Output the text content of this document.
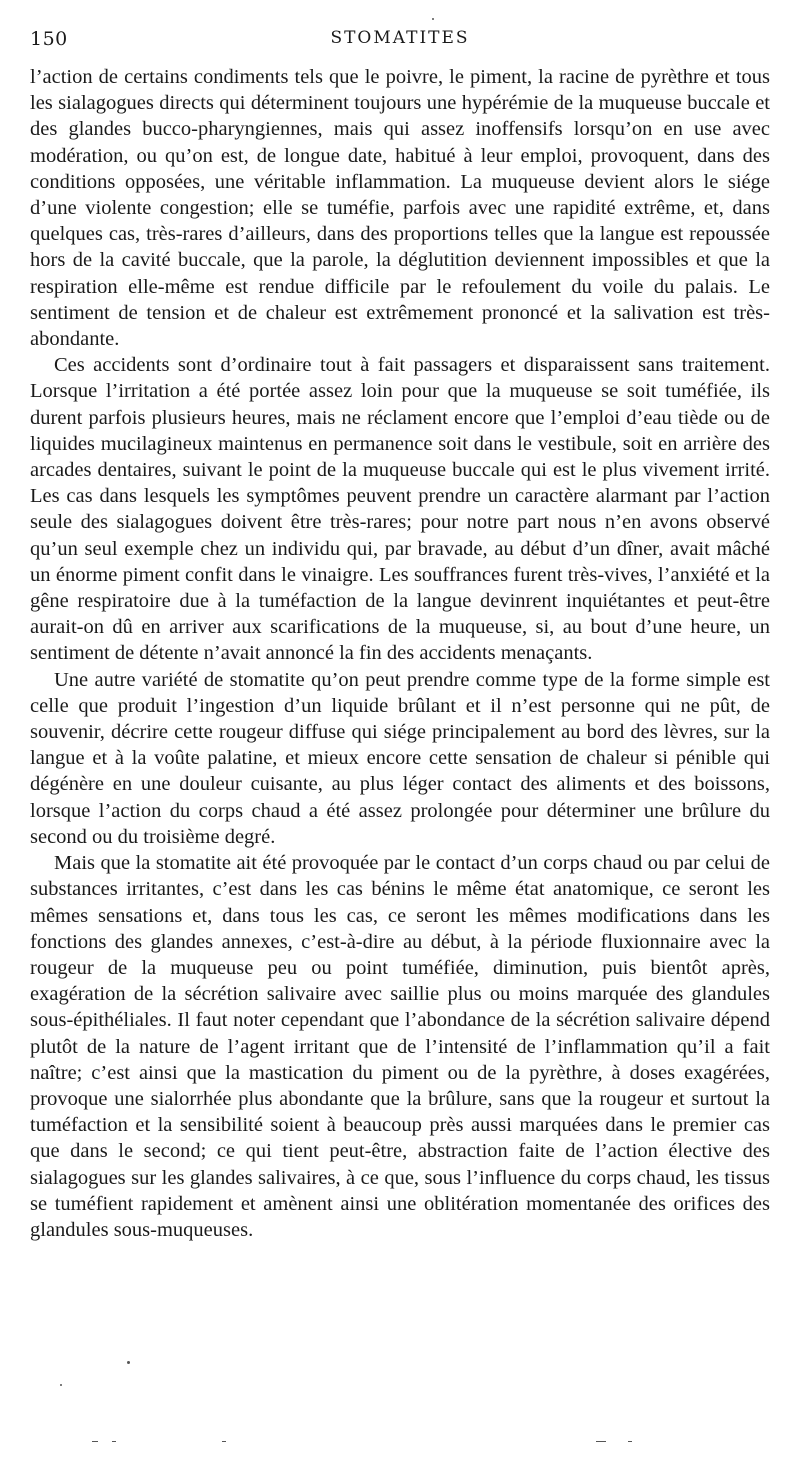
150	STOMATITES

l’action de certains condiments tels que le poivre, le piment, la racine de pyrèthre et tous les sialagogues directs qui déterminent toujours une hypérémie de la muqueuse buccale et des glandes bucco-pharyngiennes, mais qui assez inoffensifs lorsqu’on en use avec modération, ou qu’on est, de longue date, habitué à leur emploi, provoquent, dans des conditions opposées, une véritable inflammation. La muqueuse devient alors le siége d’une violente congestion; elle se tuméfie, parfois avec une rapidité extrême, et, dans quelques cas, très-rares d’ailleurs, dans des proportions telles que la langue est repoussée hors de la cavité buccale, que la parole, la déglutition deviennent impossibles et que la respiration elle-même est rendue difficile par le refoulement du voile du palais. Le sentiment de tension et de chaleur est extrêmement prononcé et la salivation est très-abondante.

Ces accidents sont d’ordinaire tout à fait passagers et disparaissent sans traitement. Lorsque l’irritation a été portée assez loin pour que la muqueuse se soit tuméfiée, ils durent parfois plusieurs heures, mais ne réclament encore que l’emploi d’eau tiède ou de liquides mucilagineux maintenus en permanence soit dans le vestibule, soit en arrière des arcades dentaires, suivant le point de la muqueuse buccale qui est le plus vivement irrité. Les cas dans lesquels les symptômes peuvent prendre un caractère alarmant par l’action seule des sialagogues doivent être très-rares; pour notre part nous n’en avons observé qu’un seul exemple chez un individu qui, par bravade, au début d’un dîner, avait mâché un énorme piment confit dans le vinaigre. Les souffrances furent très-vives, l’anxiété et la gêne respiratoire due à la tuméfaction de la langue devinrent inquiétantes et peut-être aurait-on dû en arriver aux scarifications de la muqueuse, si, au bout d’une heure, un sentiment de détente n’avait annoncé la fin des accidents menaçants.

Une autre variété de stomatite qu’on peut prendre comme type de la forme simple est celle que produit l’ingestion d’un liquide brûlant et il n’est personne qui ne pût, de souvenir, décrire cette rougeur diffuse qui siége principalement au bord des lèvres, sur la langue et à la voûte palatine, et mieux encore cette sensation de chaleur si pénible qui dégénère en une douleur cuisante, au plus léger contact des aliments et des boissons, lorsque l’action du corps chaud a été assez prolongée pour déterminer une brûlure du second ou du troisième degré.

Mais que la stomatite ait été provoquée par le contact d’un corps chaud ou par celui de substances irritantes, c’est dans les cas bénins le même état anatomique, ce seront les mêmes sensations et, dans tous les cas, ce seront les mêmes modifications dans les fonctions des glandes annexes, c’est-à-dire au début, à la période fluxionnaire avec la rougeur de la muqueuse peu ou point tuméfiée, diminution, puis bientôt après, exagération de la sécrétion salivaire avec saillie plus ou moins marquée des glandules sous-épithéliales. Il faut noter cependant que l’abondance de la sécrétion salivaire dépend plutôt de la nature de l’agent irritant que de l’intensité de l’inflammation qu’il a fait naître; c’est ainsi que la mastication du piment ou de la pyrèthre, à doses exagérées, provoque une sialorrhée plus abondante que la brûlure, sans que la rougeur et surtout la tuméfaction et la sensibilité soient à beaucoup près aussi marquées dans le premier cas que dans le second; ce qui tient peut-être, abstraction faite de l’action élective des sialagogues sur les glandes salivaires, à ce que, sous l’influence du corps chaud, les tissus se tuméfient rapidement et amènent ainsi une oblitération momentanée des orifices des glandules sous-muqueuses.
